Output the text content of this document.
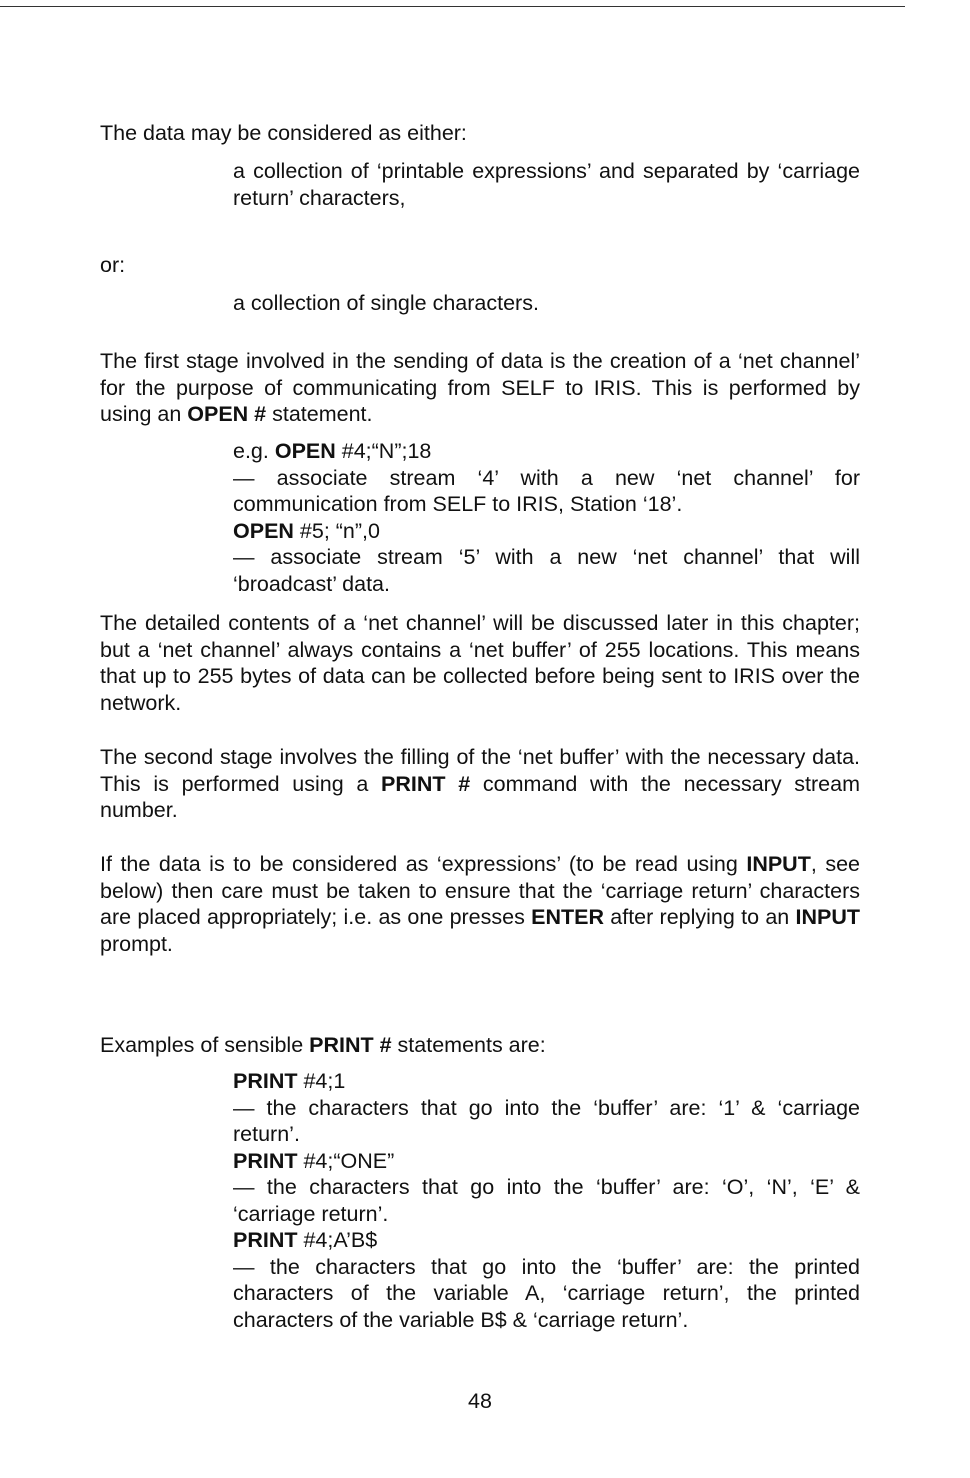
The data may be considered as either:

a collection of ‘printable expressions’ and separated by ‘carriage return’ characters,

or:

a collection of single characters.

The first stage involved in the sending of data is the creation of a ‘net channel’ for the purpose of communicating from SELF to IRIS. This is performed by using an OPEN # statement.

e.g. OPEN #4;“N”;18
— associate stream ‘4’ with a new ‘net channel’ for communication from SELF to IRIS, Station ‘18’.
OPEN #5; “n”,0
— associate stream ‘5’ with a new ‘net channel’ that will ‘broadcast’ data.

The detailed contents of a ‘net channel’ will be discussed later in this chapter; but a ‘net channel’ always contains a ‘net buffer’ of 255 locations. This means that up to 255 bytes of data can be collected before being sent to IRIS over the network.

The second stage involves the filling of the ‘net buffer’ with the necessary data. This is performed using a PRINT # command with the necessary stream number.

If the data is to be considered as ‘expressions’ (to be read using INPUT, see below) then care must be taken to ensure that the ‘carriage return’ characters are placed appropriately; i.e. as one presses ENTER after replying to an INPUT prompt.

Examples of sensible PRINT # statements are:

PRINT #4;1
— the characters that go into the ‘buffer’ are: ‘1’ & ‘carriage return’.
PRINT #4;“ONE”
— the characters that go into the ‘buffer’ are: ‘O’, ‘N’, ‘E’ & ‘carriage return’.
PRINT #4;A’B$
— the characters that go into the ‘buffer’ are: the printed characters of the variable A, ‘carriage return’, the printed characters of the variable B$ & ‘carriage return’.
48
